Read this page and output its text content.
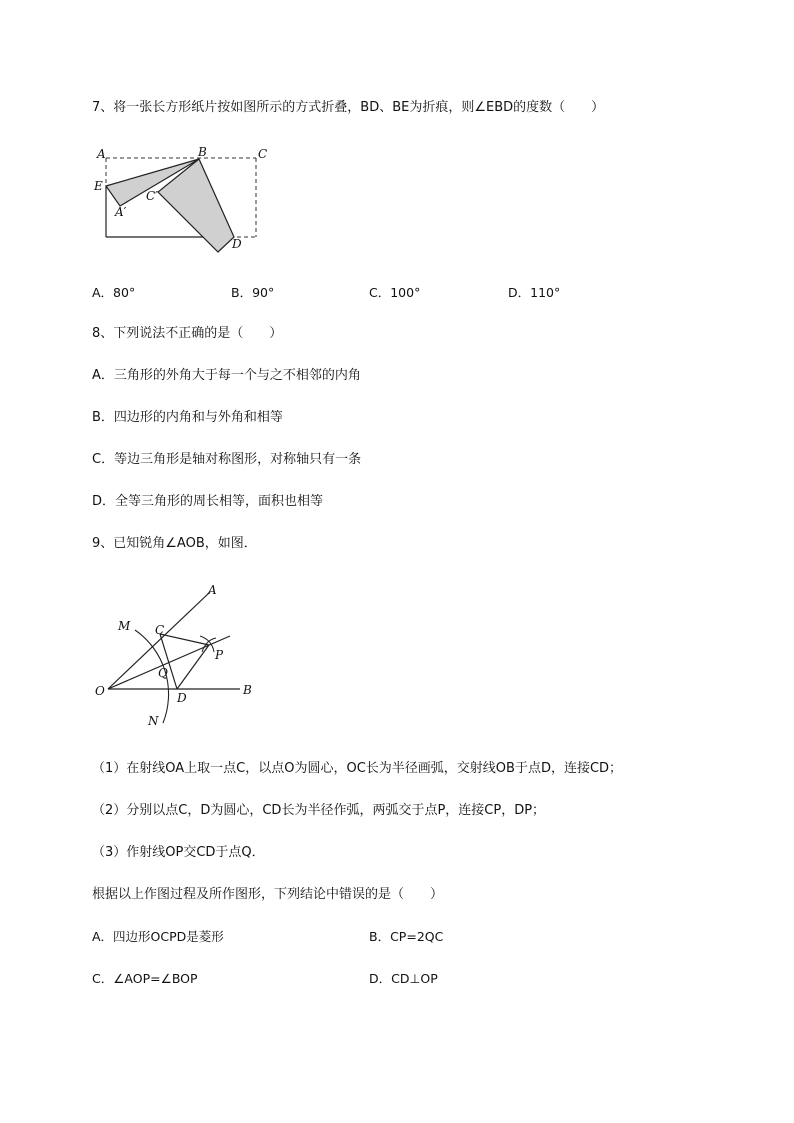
7、将一张长方形纸片按如图所示的方式折叠，BD、BE为折痕，则∠EBD的度数（　　）
A	B	C
E
A′
C′
D
A．80°	B．90°	C．100°	D．110°
8、下列说法不正确的是（　　）
A．三角形的外角大于每一个与之不相邻的内角
B．四边形的内角和与外角和相等
C．等边三角形是轴对称图形，对称轴只有一条
D．全等三角形的周长相等，面积也相等
9、已知锐角∠AOB，如图．
A
M C
P
Q
O	D
B
N
（1）在射线OA上取一点C，以点O为圆心，OC长为半径画弧，交射线OB于点D，连接CD；
（2）分别以点C，D为圆心，CD长为半径作弧，两弧交于点P，连接CP，DP；
（3）作射线OP交CD于点Q．
根据以上作图过程及所作图形，下列结论中错误的是（　　）
A．四边形OCPD是菱形	B．CP=2QC
C．∠AOP=∠BOP	D．CD⊥OP
